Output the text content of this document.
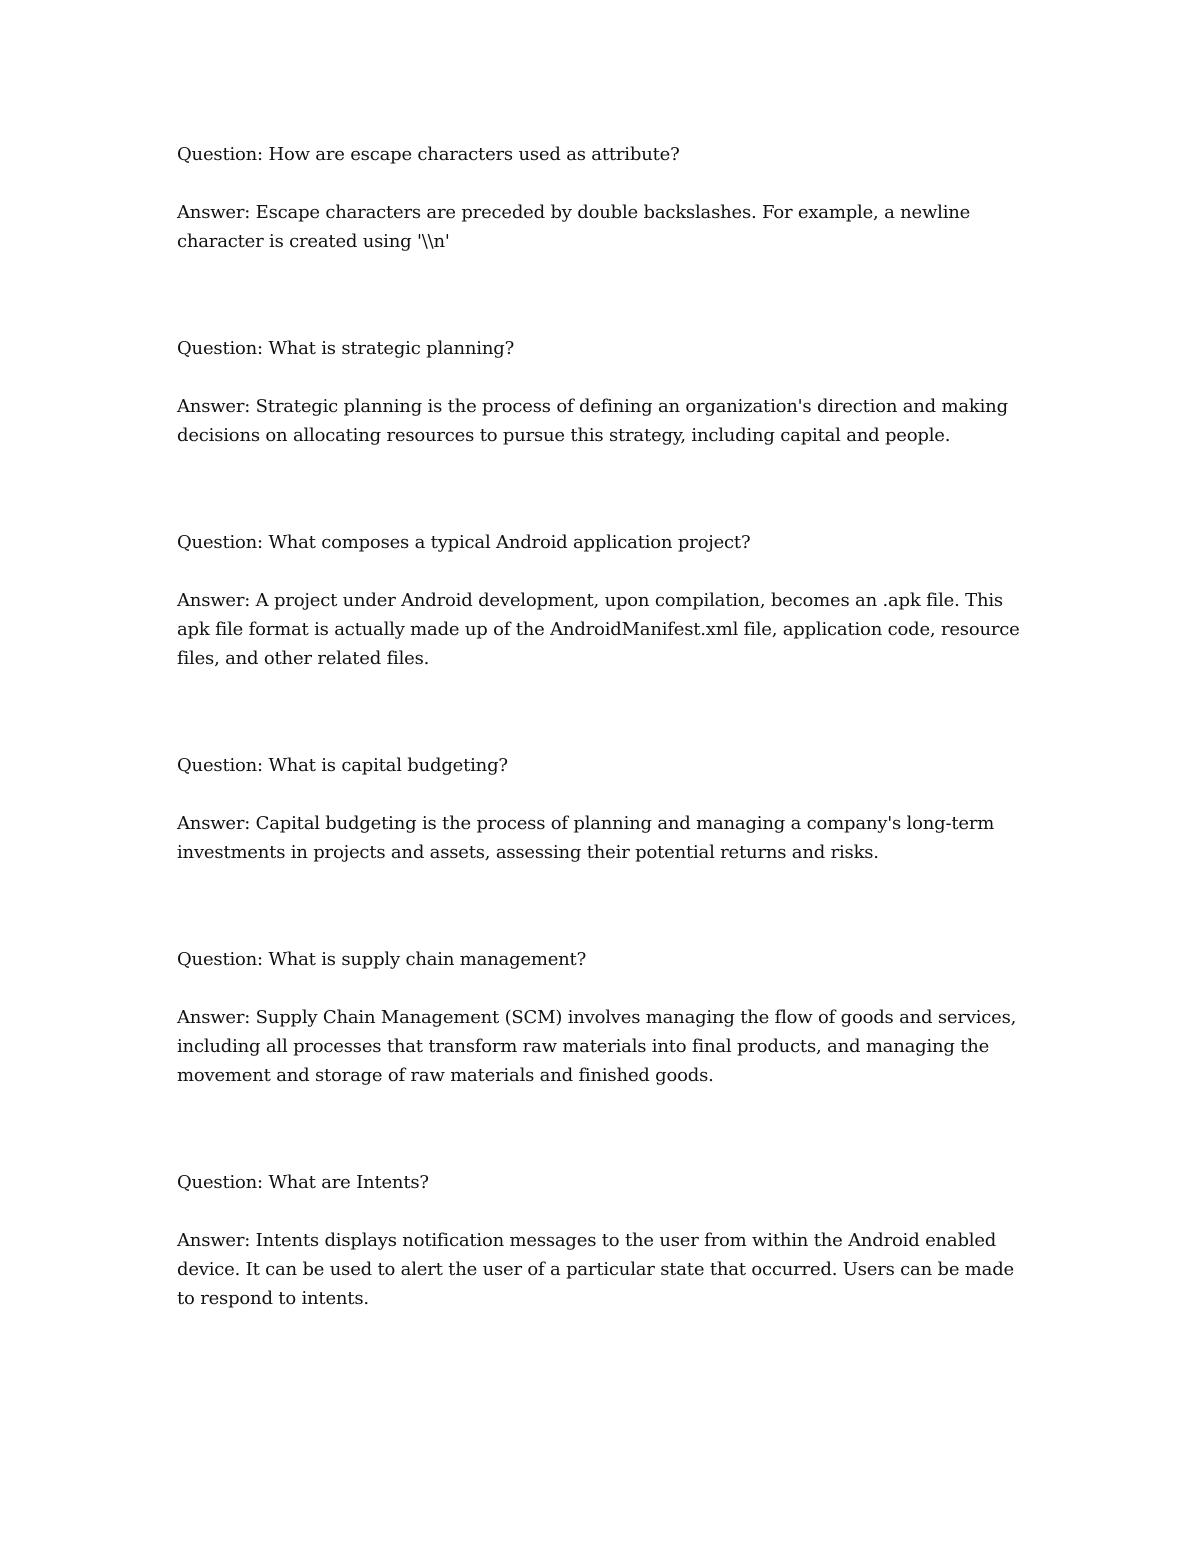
Question: How are escape characters used as attribute?

Answer: Escape characters are preceded by double backslashes. For example, a newline character is created using '\\n'

Question: What is strategic planning?

Answer: Strategic planning is the process of defining an organization's direction and making decisions on allocating resources to pursue this strategy, including capital and people.

Question: What composes a typical Android application project?

Answer: A project under Android development, upon compilation, becomes an .apk file. This apk file format is actually made up of the AndroidManifest.xml file, application code, resource files, and other related files.

Question: What is capital budgeting?

Answer: Capital budgeting is the process of planning and managing a company's long-term investments in projects and assets, assessing their potential returns and risks.

Question: What is supply chain management?

Answer: Supply Chain Management (SCM) involves managing the flow of goods and services, including all processes that transform raw materials into final products, and managing the movement and storage of raw materials and finished goods.

Question: What are Intents?

Answer: Intents displays notification messages to the user from within the Android enabled device. It can be used to alert the user of a particular state that occurred. Users can be made to respond to intents.
